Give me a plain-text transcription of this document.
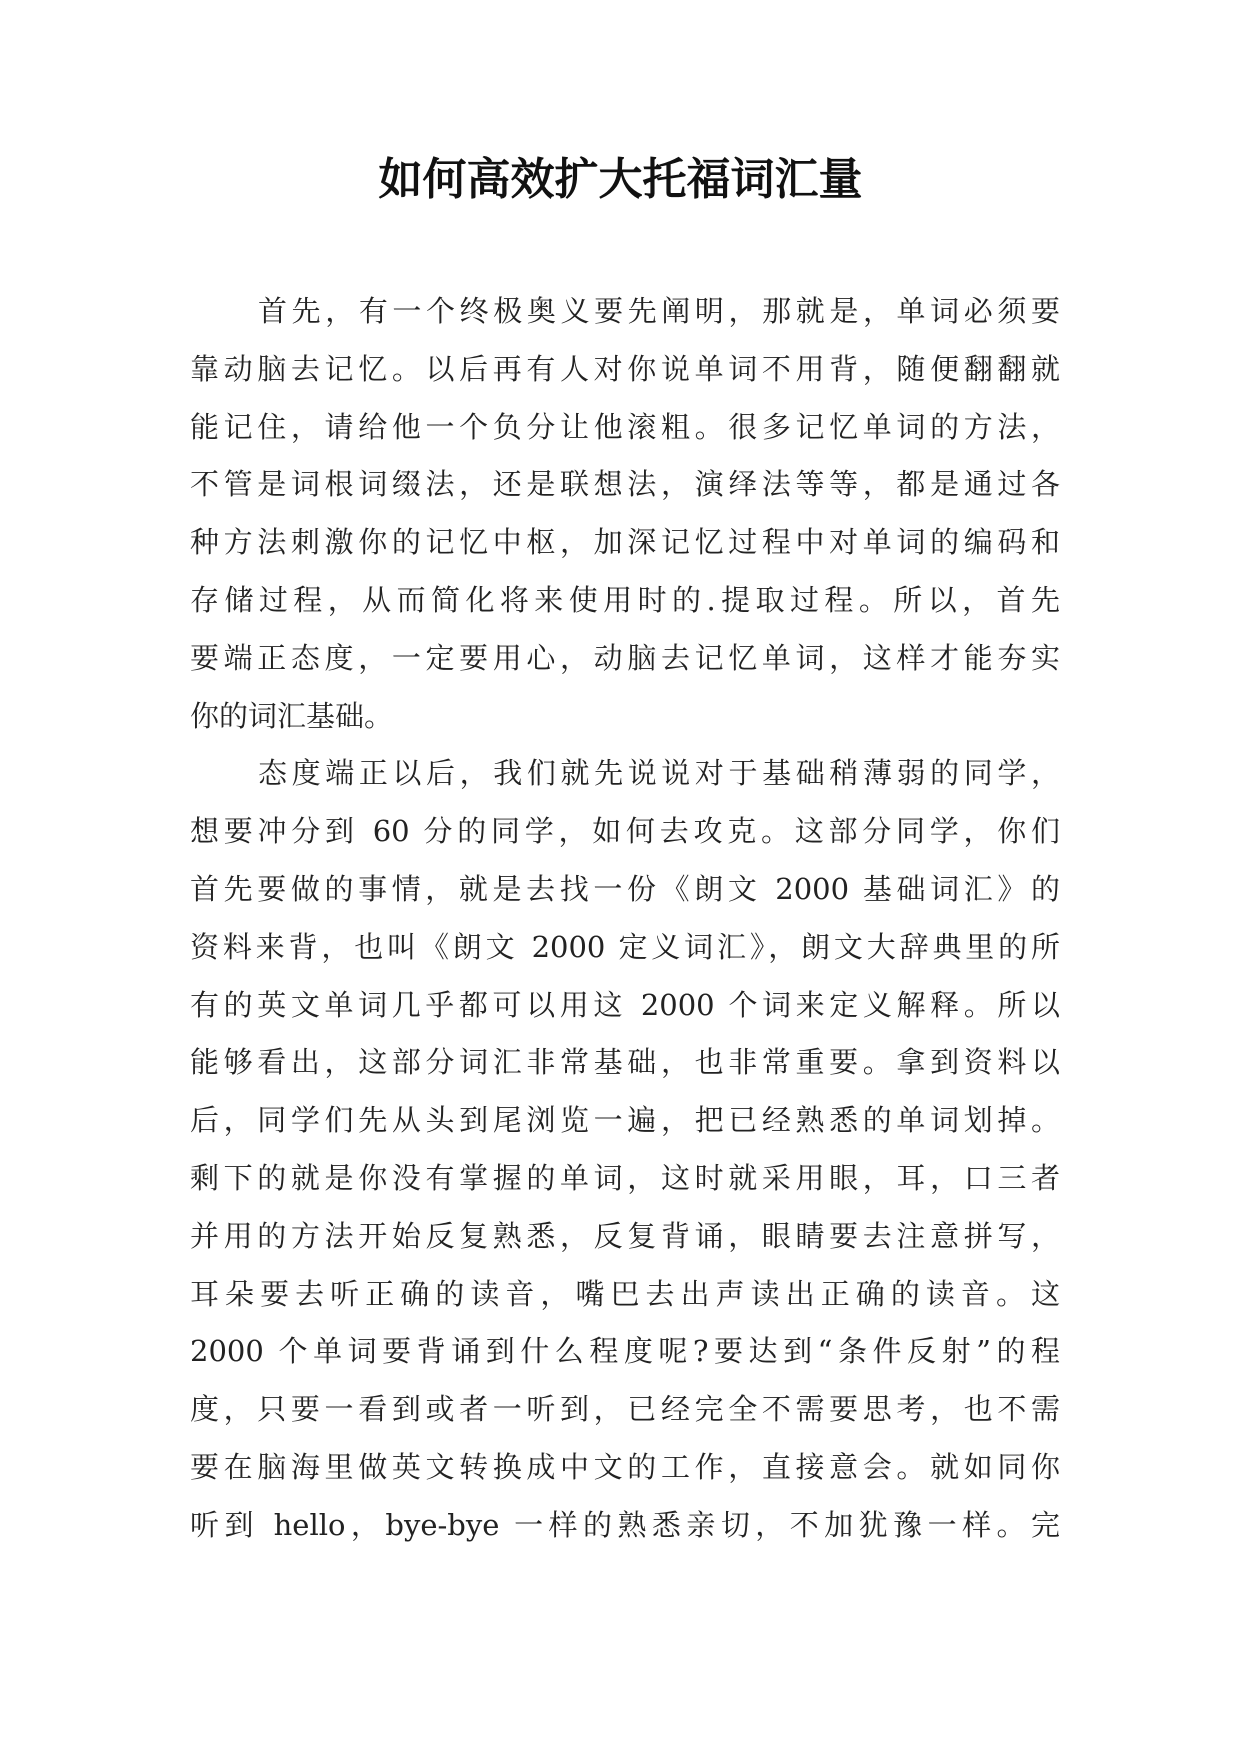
如何高效扩大托福词汇量
首先，有一个终极奥义要先阐明，那就是，单词必须要
靠动脑去记忆。以后再有人对你说单词不用背，随便翻翻就
能记住，请给他一个负分让他滚粗。很多记忆单词的方法，
不管是词根词缀法，还是联想法，演绎法等等，都是通过各
种方法刺激你的记忆中枢，加深记忆过程中对单词的编码和
存储过程，从而简化将来使用时的.提取过程。所以，首先
要端正态度，一定要用心，动脑去记忆单词，这样才能夯实
你的词汇基础。
态度端正以后，我们就先说说对于基础稍薄弱的同学，
想要冲分到 60 分的同学，如何去攻克。这部分同学，你们
首先要做的事情，就是去找一份《朗文 2000 基础词汇》的
资料来背，也叫《朗文 2000 定义词汇》，朗文大辞典里的所
有的英文单词几乎都可以用这 2000 个词来定义解释。所以
能够看出，这部分词汇非常基础，也非常重要。拿到资料以
后，同学们先从头到尾浏览一遍，把已经熟悉的单词划掉。
剩下的就是你没有掌握的单词，这时就采用眼，耳，口三者
并用的方法开始反复熟悉，反复背诵，眼睛要去注意拼写，
耳朵要去听正确的读音，嘴巴去出声读出正确的读音。这
2000 个单词要背诵到什么程度呢?要达到“条件反射”的程
度，只要一看到或者一听到，已经完全不需要思考，也不需
要在脑海里做英文转换成中文的工作，直接意会。就如同你
听到 hello，bye-bye 一样的熟悉亲切，不加犹豫一样。完
